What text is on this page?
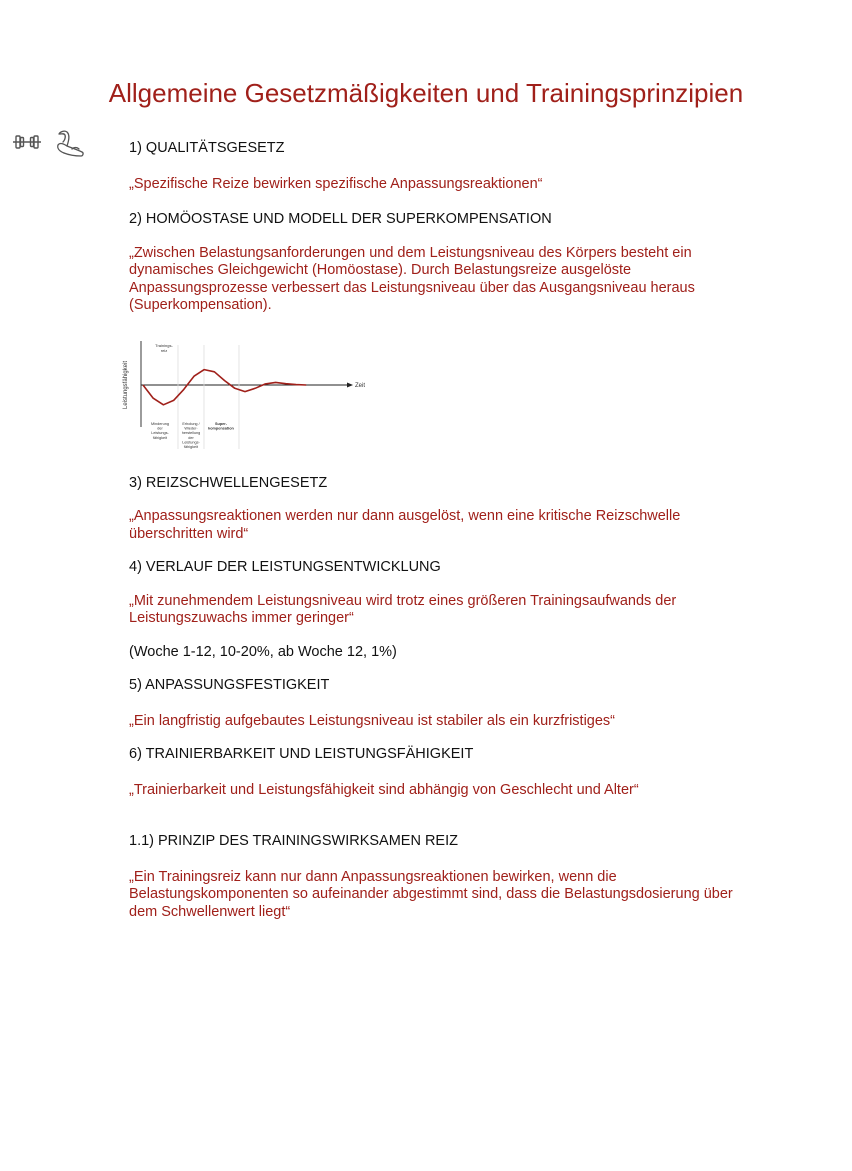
Allgemeine Gesetzmäßigkeiten und Trainingsprinzipien

1) QUALITÄTSGESETZ

„Spezifische Reize bewirken spezifische Anpassungsreaktionen“

2) HOMÖOSTASE UND MODELL DER SUPERKOMPENSATION

„Zwischen Belastungsanforderungen und dem Leistungsniveau des Körpers besteht ein dynamisches Gleichgewicht (Homöostase). Durch Belastungsreize ausgelöste Anpassungsprozesse verbessert das Leistungsniveau über das Ausgangsniveau heraus (Superkompensation).

Leistungsfähigkeit	Zeit
Trainings-
reiz
Minderung
der
Leistungs-
fähigkeit
Erholung /
Wieder-
herstellung
der
Leistungs-
fähigkeit
Super-
kompensation

3) REIZSCHWELLENGESETZ

„Anpassungsreaktionen werden nur dann ausgelöst, wenn eine kritische Reizschwelle überschritten wird“

4) VERLAUF DER LEISTUNGSENTWICKLUNG

„Mit zunehmendem Leistungsniveau wird trotz eines größeren Trainingsaufwands der Leistungszuwachs immer geringer“

(Woche 1-12, 10-20%, ab Woche 12, 1%)

5) ANPASSUNGSFESTIGKEIT

„Ein langfristig aufgebautes Leistungsniveau ist stabiler als ein kurzfristiges“

6) TRAINIERBARKEIT UND LEISTUNGSFÄHIGKEIT

„Trainierbarkeit und Leistungsfähigkeit sind abhängig von Geschlecht und Alter“

1.1) PRINZIP DES TRAININGSWIRKSAMEN REIZ

„Ein Trainingsreiz kann nur dann Anpassungsreaktionen bewirken, wenn die Belastungskomponenten so aufeinander abgestimmt sind, dass die Belastungsdosierung über dem Schwellenwert liegt“
